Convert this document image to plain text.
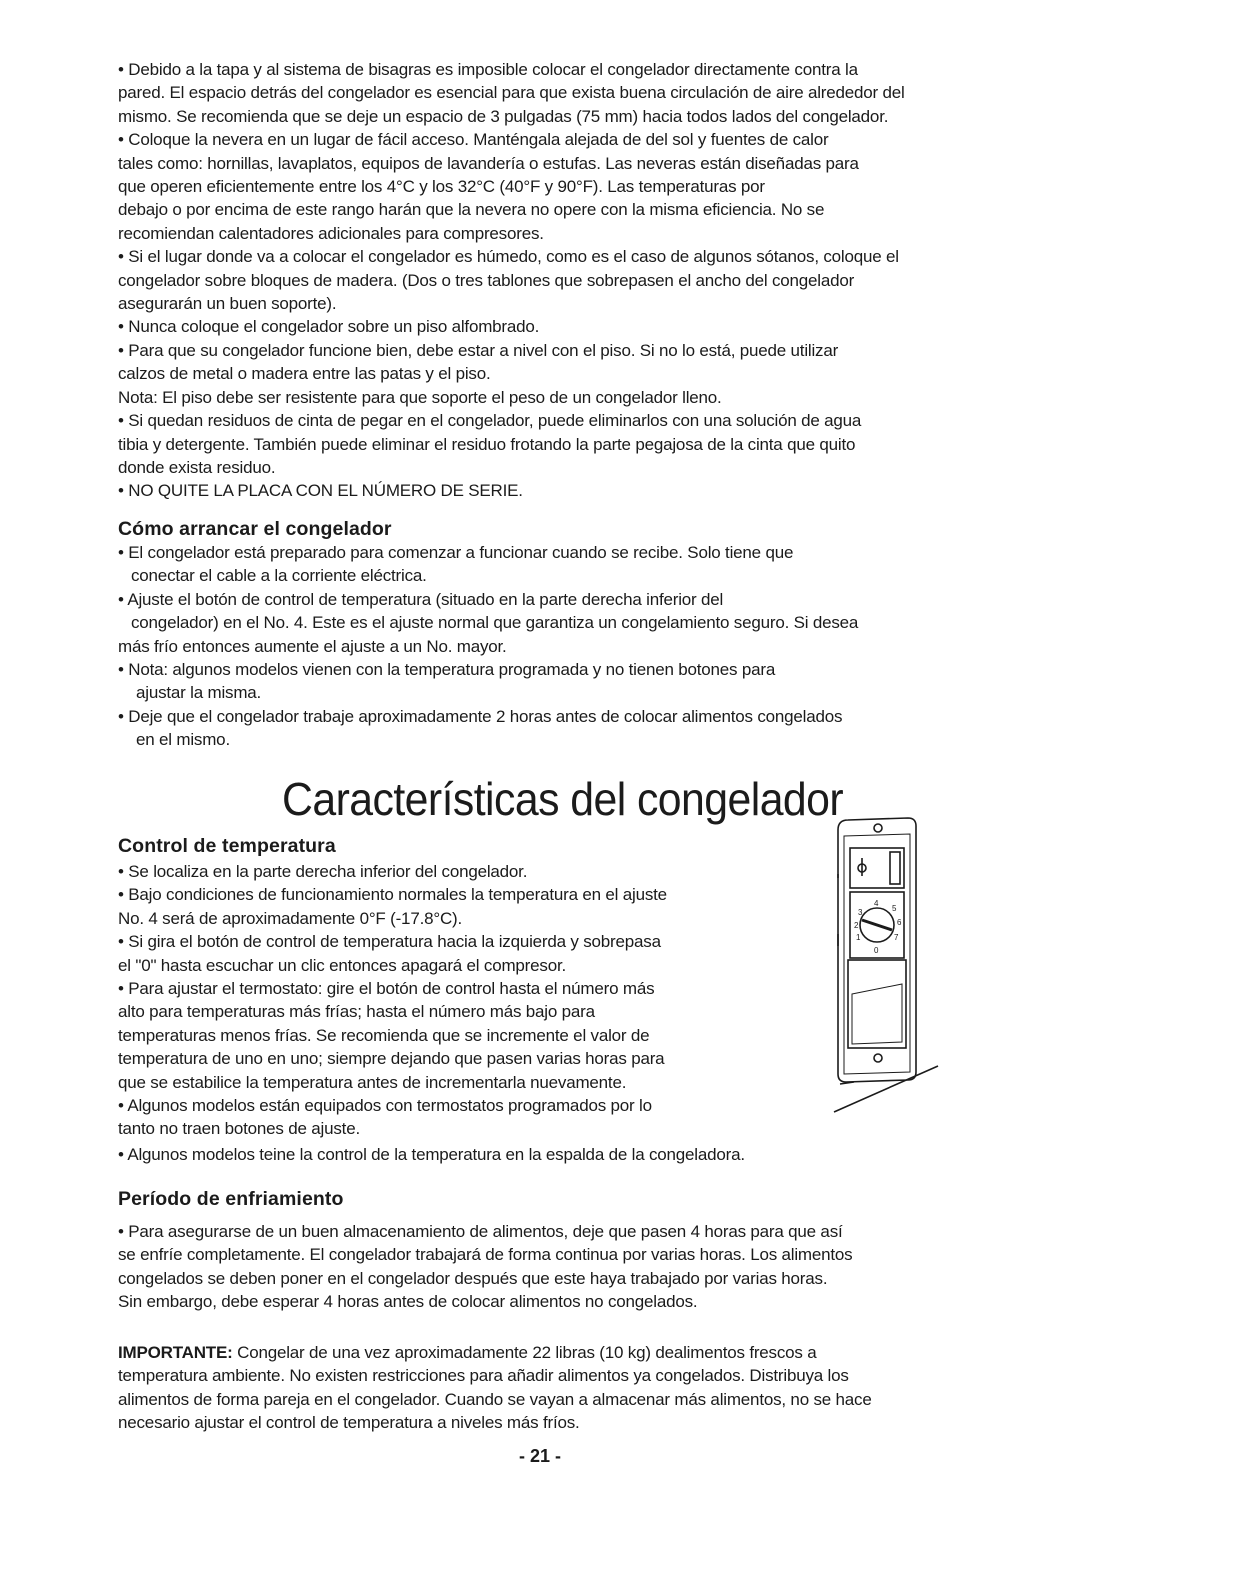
• Debido a la tapa y al sistema de bisagras es imposible colocar el congelador directamente contra la

pared. El espacio detrás del congelador es esencial para que exista buena circulación de aire alrededor del

mismo. Se recomienda que se deje un espacio de 3 pulgadas (75 mm) hacia todos lados del congelador.

• Coloque la nevera en un lugar de fácil acceso. Manténgala alejada de del sol y fuentes de calor

tales como: hornillas, lavaplatos, equipos de lavandería o estufas. Las neveras están diseñadas para

que operen eficientemente entre los 4°C y los 32°C (40°F y 90°F). Las temperaturas por

debajo o por encima de este rango harán que la nevera no opere con la misma eficiencia. No se

recomiendan calentadores adicionales para compresores.

• Si el lugar donde va a colocar el congelador es húmedo, como es el caso de algunos sótanos, coloque el

congelador sobre bloques de madera. (Dos o tres tablones que sobrepasen el ancho del congelador

asegurarán un buen soporte).

• Nunca coloque el congelador sobre un piso alfombrado.

• Para que su congelador funcione bien, debe estar a nivel con el piso. Si no lo está, puede utilizar

calzos de metal o madera entre las patas y el piso.

Nota: El piso debe ser resistente para que soporte el peso de un congelador lleno.

• Si quedan residuos de cinta de pegar en el congelador, puede eliminarlos con una solución de agua

tibia y detergente. También puede eliminar el residuo frotando la parte pegajosa de la cinta que quito

donde exista residuo.

• NO QUITE LA PLACA CON EL NÚMERO DE SERIE.

Cómo arrancar el congelador

• El congelador está preparado para comenzar a funcionar cuando se recibe. Solo tiene que

conectar el cable a la corriente eléctrica.

• Ajuste el botón de control de temperatura (situado en la parte derecha inferior del

congelador) en el No. 4. Este es el ajuste normal que garantiza un congelamiento seguro. Si desea

más frío entonces aumente el ajuste a un No. mayor.

• Nota: algunos modelos vienen con la temperatura programada y no tienen botones para

ajustar la misma.

• Deje que el congelador trabaje aproximadamente 2 horas antes de colocar alimentos congelados

en el mismo.

Características del congelador
Control de temperatura

• Se localiza en la parte derecha inferior del congelador.

• Bajo condiciones de funcionamiento normales la temperatura en el ajuste

No. 4 será de aproximadamente 0°F (-17.8°C).

• Si gira el botón de control de temperatura hacia la izquierda y sobrepasa

el "0" hasta escuchar un clic entonces apagará el compresor.

• Para ajustar el termostato: gire el botón de control hasta el número más

alto para temperaturas más frías; hasta el número más bajo para

temperaturas menos frías. Se recomienda que se incremente el valor de

temperatura de uno en uno; siempre dejando que pasen varias horas para

que se estabilice la temperatura antes de incrementarla nuevamente.

• Algunos modelos están equipados con termostatos programados por lo

tanto no traen botones de ajuste.

• Algunos modelos teine la control de la temperatura en la espalda de la congeladora.

0
1
2
3
4
5
6
7
Período de enfriamiento

• Para asegurarse de un buen almacenamiento de alimentos, deje que pasen 4 horas para que así

se enfríe completamente. El congelador trabajará de forma continua por varias horas. Los alimentos

congelados se deben poner en el congelador después que este haya trabajado por varias horas.

Sin embargo, debe esperar 4 horas antes de colocar alimentos no congelados.

IMPORTANTE: Congelar de una vez aproximadamente 22 libras (10 kg) dealimentos frescos a

temperatura ambiente. No existen restricciones para añadir alimentos ya congelados. Distribuya los

alimentos de forma pareja en el congelador. Cuando se vayan a almacenar más alimentos, no se hace

necesario ajustar el control de temperatura a niveles más fríos.

- 21 -
